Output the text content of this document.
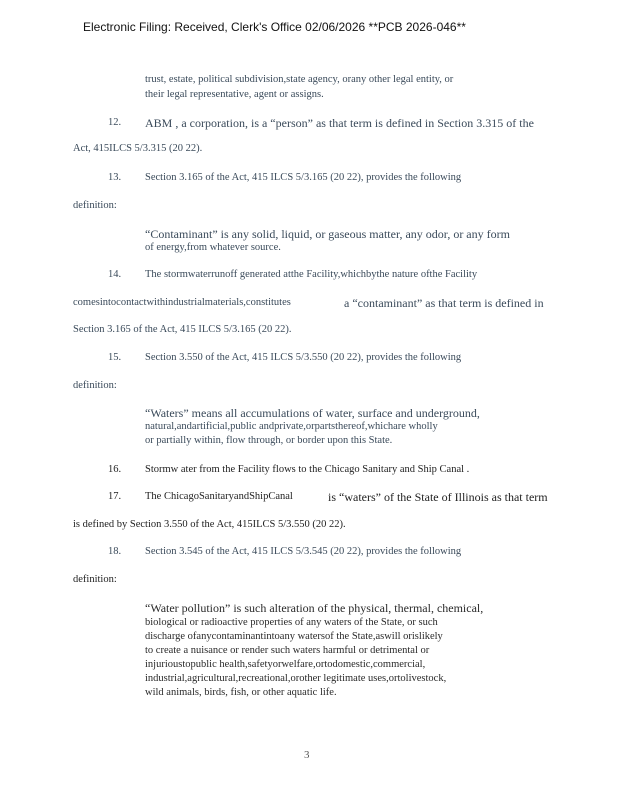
Electronic Filing: Received, Clerk's Office 02/06/2026 **PCB 2026-046**
trust, estate, political subdivision,state agency, orany other legal entity, or
their legal representative, agent or assigns.
12. ABM , a corporation, is a “person” as that term is defined in Section 3.315 of the
Act, 415ILCS 5/3.315 (20 22).
13. Section 3.165 of the Act, 415 ILCS 5/3.165 (20 22), provides the following
definition:
“Contaminant” is any solid, liquid, or gaseous matter, any odor, or any form
of energy,from whatever source.
14. The stormwaterrunoff generated atthe Facility,whichbythe nature ofthe Facility
comesintocontactwithindustrialmaterials,constitutes	a “contaminant” as that term is defined in
Section 3.165 of the Act, 415 ILCS 5/3.165 (20 22).
15. Section 3.550 of the Act, 415 ILCS 5/3.550 (20 22), provides the following
definition:
“Waters” means all accumulations of water, surface and underground,
natural,andartificial,public andprivate,orpartsthereof,whichare wholly
or partially within, flow through, or border upon this State.
16. Stormw ater from the Facility flows to the Chicago Sanitary and Ship Canal .
17. The ChicagoSanitaryandShipCanal	is “waters” of the State of Illinois as that term
is defined by Section 3.550 of the Act, 415ILCS 5/3.550 (20 22).
18. Section 3.545 of the Act, 415 ILCS 5/3.545 (20 22), provides the following
definition:
“Water pollution” is such alteration of the physical, thermal, chemical,
biological or radioactive properties of any waters of the State, or such
discharge ofanycontaminantintoany watersof the State,aswill orislikely
to create a nuisance or render such waters harmful or detrimental or
injurioustopublic health,safetyorwelfare,ortodomestic,commercial,
industrial,agricultural,recreational,orother legitimate uses,ortolivestock,
wild animals, birds, fish, or other aquatic life.
3
